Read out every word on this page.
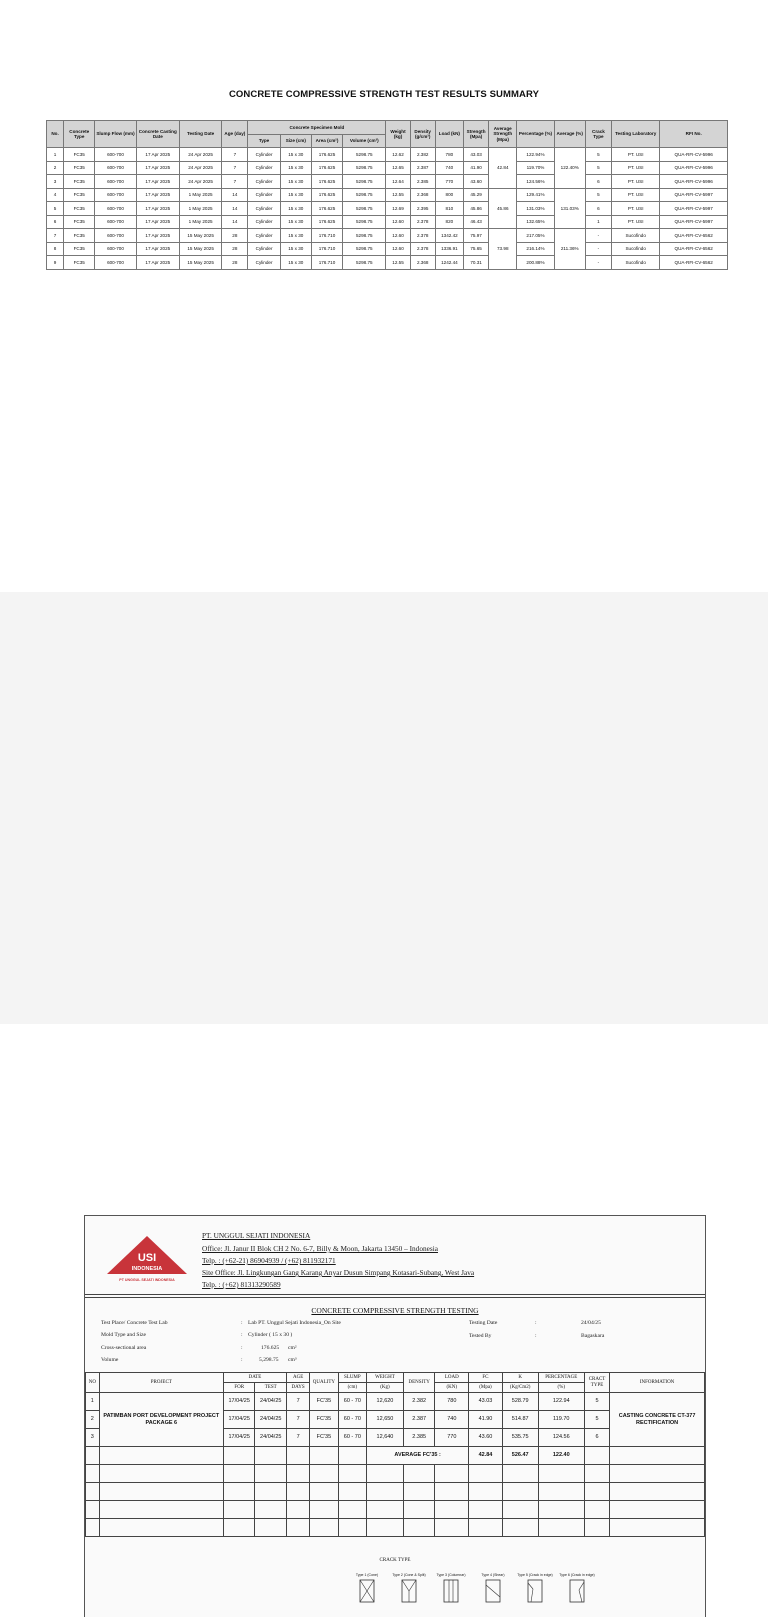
CONCRETE COMPRESSIVE STRENGTH TEST RESULTS SUMMARY
No.	Concrete Type	Slump Flow (mm)	Concrete Casting Date	Testing Date	Age (day)	Concrete Specimen Mold				Weight (kg)	Density (g/cm³)	Load (kN)	Strength (Mpa)	Average Strength (Mpa)	Percentage (%)	Average (%)	Crack Type	Testing Laboratory	RFI No.
						Type	Size (cm)	Area (cm²)	Volume (cm³)										
1	FC35	600-700	17 Apr 2025	24 Apr 2025	7	Cylinder	15 x 30	176.625	5298.75	12.62	2.382	780	43.03	42.84	122.94%	122.40%	5	PT. USI	QUA-RFI-CV-5996
2	FC35	600-700	17 Apr 2025	24 Apr 2025	7	Cylinder	15 x 30	176.625	5298.75	12.65	2.387	740	41.90		119.70%		5	PT. USI	QUA-RFI-CV-5996
3	FC35	600-700	17 Apr 2025	24 Apr 2025	7	Cylinder	15 x 30	176.625	5298.75	12.64	2.385	770	43.60		124.56%		6	PT. USI	QUA-RFI-CV-5996
4	FC35	600-700	17 Apr 2025	1 May 2025	14	Cylinder	15 x 30	176.625	5298.75	12.55	2.368	800	45.29	45.86	129.41%	131.03%	5	PT. USI	QUA-RFI-CV-5997
5	FC35	600-700	17 Apr 2025	1 May 2025	14	Cylinder	15 x 30	176.625	5298.75	12.69	2.395	810	45.86		131.03%		6	PT. USI	QUA-RFI-CV-5997
6	FC35	600-700	17 Apr 2025	1 May 2025	14	Cylinder	15 x 30	176.625	5298.75	12.60	2.378	820	46.43		132.65%		1	PT. USI	QUA-RFI-CV-5997
7	FC35	600-700	17 Apr 2025	15 May 2025	28	Cylinder	15 x 30	176.710	5298.75	12.60	2.378	1342.42	75.97	73.98	217.05%	211.36%	-	Sucofindo	QUA-RFI-CV-6562
8	FC35	600-700	17 Apr 2025	15 May 2025	28	Cylinder	15 x 30	176.710	5298.75	12.60	2.378	1336.91	75.65		216.14%		-	Sucofindo	QUA-RFI-CV-6562
9	FC35	600-700	17 Apr 2025	15 May 2025	28	Cylinder	15 x 30	176.710	5298.75	12.55	2.368	1242.44	70.31		200.88%		-	Sucofindo	QUA-RFI-CV-6562
USI
INDONESIA
PT UNGGUL SEJATI INDONESIA
PT. UNGGUL SEJATI INDONESIA
Office: Jl. Janur II Blok CH 2 No. 6-7, Billy & Moon, Jakarta 13450 – Indonesia
Telp. : (+62-21) 86904939 / (+62) 811932171
Site Office: Jl. Lingkungan Gang Karang Anyar Dusun Simpang Kotasari-Subang, West Java
Telp. : (+62) 81313290589
CONCRETE COMPRESSIVE STRENGTH TESTING
Test Place/ Concrete Test Lab	: Lab PT. Unggul Sejati Indonesia_On Site
Mold Type and Size	: Cylinder ( 15 x 30 )
Cross-sectional area	:	176.625 cm²
Volume	:	5,298.75 cm³
Testing Date	:	24/04/25
Tested By	:	Bagaskara
NO	PROJECT	DATE		AGE	QUALITY	SLUMP	WEIGHT	DENSITY	LOAD	FC	K	PERCENTAGE	CRACT TYPE	INFORMATION
		FOR	TEST	DAYS		(cm)	(Kg)		(KN)	(Mpa)	(Kg/Cm2)	(%)		
1	PATIMBAN PORT DEVELOPMENT PROJECT PACKAGE 6	17/04/25	24/04/25	7	FC'35	60 - 70	12,620	2.382	780	43.03	528.79	122.94	5	CASTING CONCRETE CT-377 RECTIFICATION
2		17/04/25	24/04/25	7	FC'35	60 - 70	12,650	2.387	740	41.90	514.87	119.70	5	
3		17/04/25	24/04/25	7	FC'35	60 - 70	12,640	2.385	770	43.60	535.75	124.56	6	
							AVERAGE FC'35 :			42.84	526.47	122.40		

CRACK TYPE
Type 1 (Cone)	Type 2 (Cone & Split)	Type 3 (Columnar)	Type 4 (Shear)	Type 5 (Crack in edge)	Type 6 (Crack in edge)
